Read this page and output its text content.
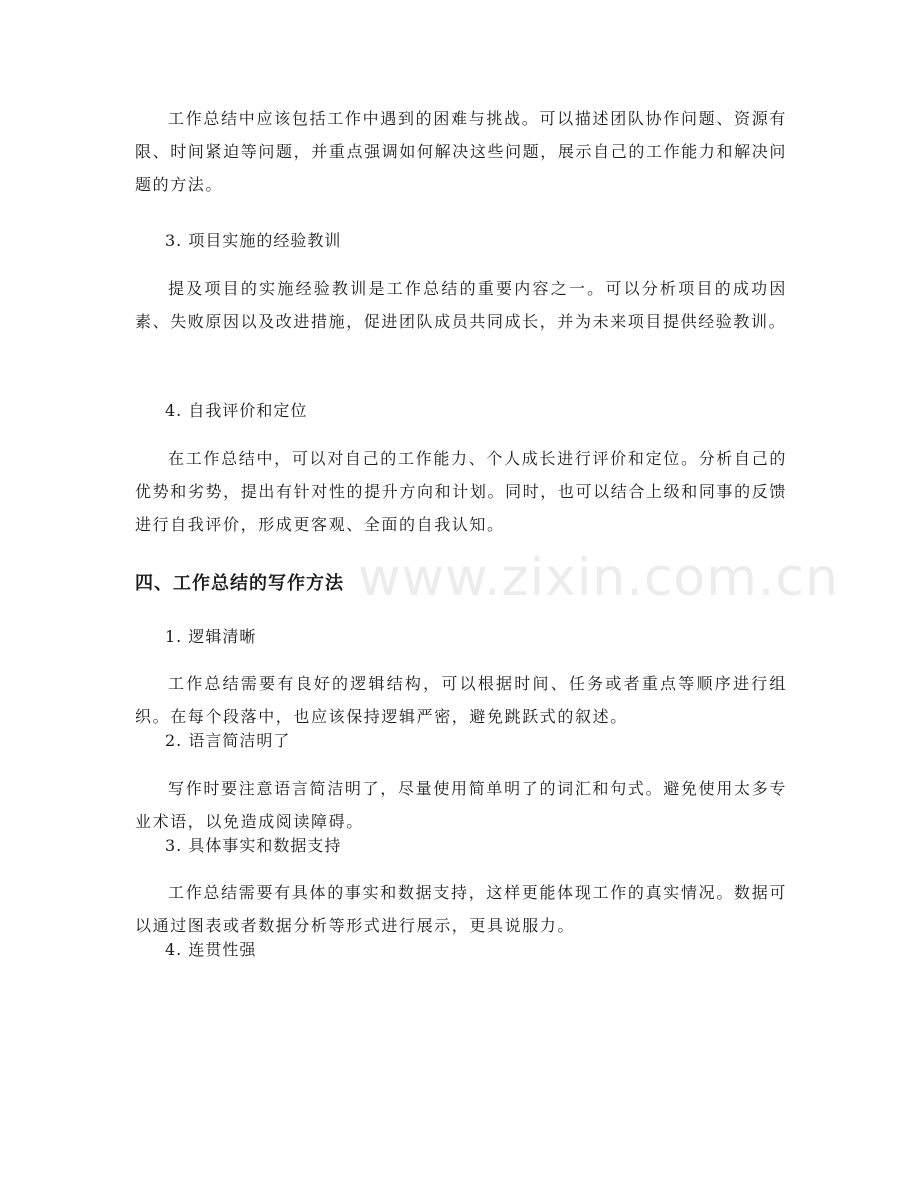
www.zixin.com.cn

工作总结中应该包括工作中遇到的困难与挑战。可以描述团队协作问题、资源有限、时间紧迫等问题，并重点强调如何解决这些问题，展示自己的工作能力和解决问题的方法。

3. 项目实施的经验教训

提及项目的实施经验教训是工作总结的重要内容之一。可以分析项目的成功因素、失败原因以及改进措施，促进团队成员共同成长，并为未来项目提供经验教训。

4. 自我评价和定位

在工作总结中，可以对自己的工作能力、个人成长进行评价和定位。分析自己的优势和劣势，提出有针对性的提升方向和计划。同时，也可以结合上级和同事的反馈进行自我评价，形成更客观、全面的自我认知。

四、工作总结的写作方法

1. 逻辑清晰

工作总结需要有良好的逻辑结构，可以根据时间、任务或者重点等顺序进行组织。在每个段落中，也应该保持逻辑严密，避免跳跃式的叙述。

2. 语言简洁明了

写作时要注意语言简洁明了，尽量使用简单明了的词汇和句式。避免使用太多专业术语，以免造成阅读障碍。

3. 具体事实和数据支持

工作总结需要有具体的事实和数据支持，这样更能体现工作的真实情况。数据可以通过图表或者数据分析等形式进行展示，更具说服力。

4. 连贯性强
